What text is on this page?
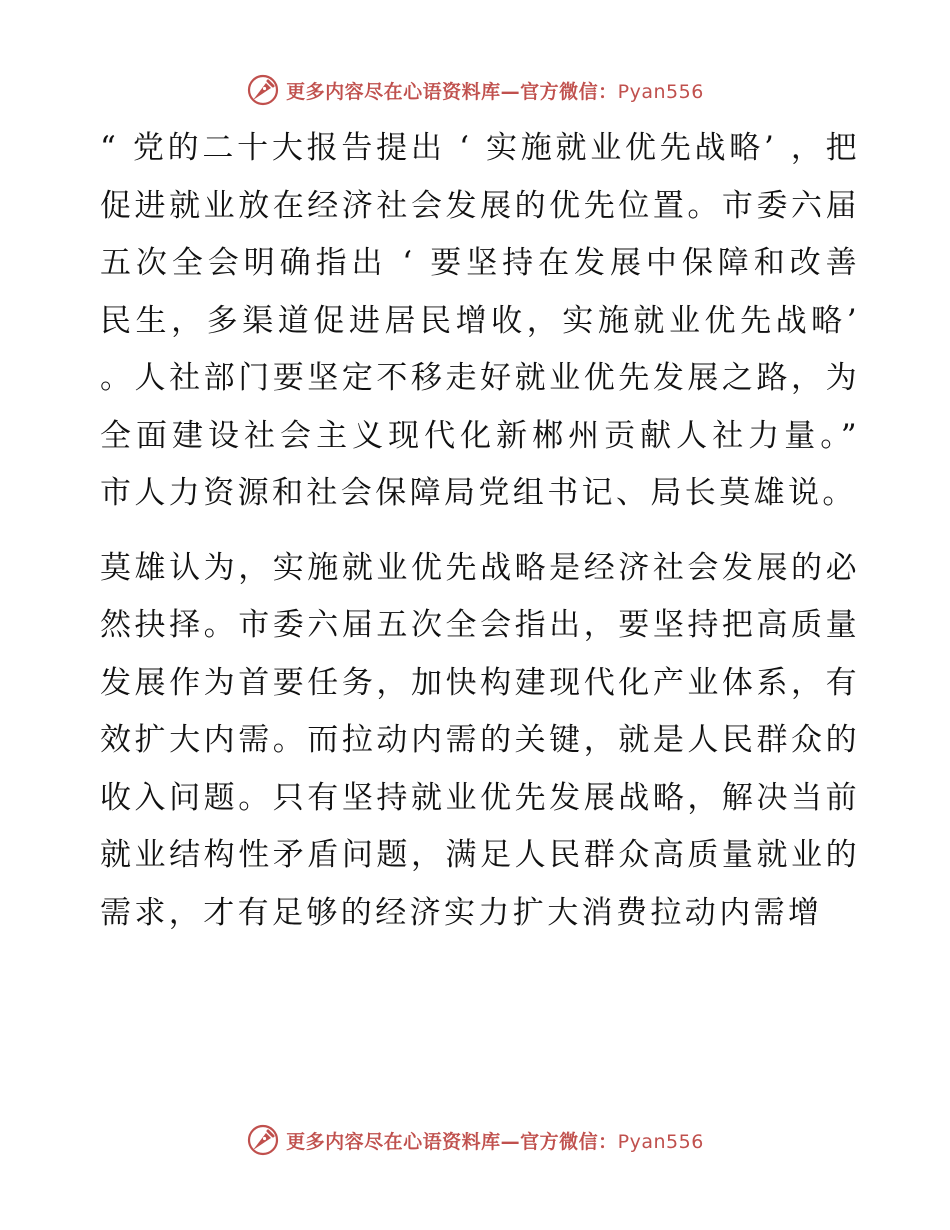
更多内容尽在心语资料库—官方微信：Pyan556

“ 党的二十大报告提出 ‘ 实施就业优先战略’ ，把促进就业放在经济社会发展的优先位置。市委六届五次全会明确指出 ‘ 要坚持在发展中保障和改善民生，多渠道促进居民增收，实施就业优先战略’ 。人社部门要坚定不移走好就业优先发展之路，为全面建设社会主义现代化新郴州贡献人社力量。” 市人力资源和社会保障局党组书记、局长莫雄说。

莫雄认为，实施就业优先战略是经济社会发展的必然抉择。市委六届五次全会指出，要坚持把高质量发展作为首要任务，加快构建现代化产业体系，有效扩大内需。而拉动内需的关键，就是人民群众的收入问题。只有坚持就业优先发展战略，解决当前就业结构性矛盾问题，满足人民群众高质量就业的需求，才有足够的经济实力扩大消费拉动内需增

更多内容尽在心语资料库—官方微信：Pyan556
